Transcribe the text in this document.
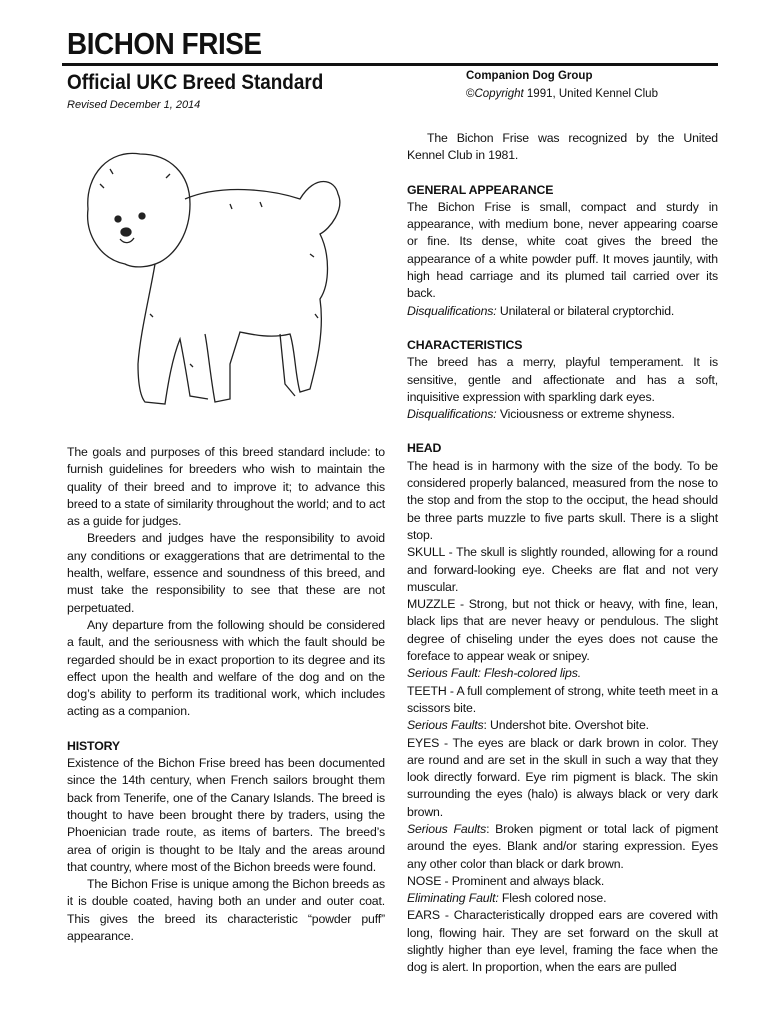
BICHON FRISE
Official UKC Breed Standard
Revised December 1, 2014
Companion Dog Group
©Copyright 1991, United Kennel Club

The goals and purposes of this breed standard include: to furnish guidelines for breeders who wish to maintain the quality of their breed and to improve it; to advance this breed to a state of similarity throughout the world; and to act as a guide for judges.

Breeders and judges have the responsibility to avoid any conditions or exaggerations that are detrimental to the health, welfare, essence and soundness of this breed, and must take the responsibility to see that these are not perpetuated.

Any departure from the following should be considered a fault, and the seriousness with which the fault should be regarded should be in exact proportion to its degree and its effect upon the health and welfare of the dog and on the dog’s ability to perform its traditional work, which includes acting as a companion.

HISTORY

Existence of the Bichon Frise breed has been documented since the 14th century, when French sailors brought them back from Tenerife, one of the Canary Islands. The breed is thought to have been brought there by traders, using the Phoenician trade route, as items of barters. The breed’s area of origin is thought to be Italy and the areas around that country, where most of the Bichon breeds were found.

The Bichon Frise is unique among the Bichon breeds as it is double coated, having both an under and outer coat. This gives the breed its characteristic “powder puff” appearance.

The Bichon Frise was recognized by the United Kennel Club in 1981.

GENERAL APPEARANCE

The Bichon Frise is small, compact and sturdy in appearance, with medium bone, never appearing coarse or fine. Its dense, white coat gives the breed the appearance of a white powder puff. It moves jauntily, with high head carriage and its plumed tail carried over its back.

Disqualifications: Unilateral or bilateral cryptorchid.

CHARACTERISTICS

The breed has a merry, playful temperament. It is sensitive, gentle and affectionate and has a soft, inquisitive expression with sparkling dark eyes.

Disqualifications: Viciousness or extreme shyness.

HEAD

The head is in harmony with the size of the body. To be considered properly balanced, measured from the nose to the stop and from the stop to the occiput, the head should be three parts muzzle to five parts skull. There is a slight stop.

SKULL - The skull is slightly rounded, allowing for a round and forward-looking eye. Cheeks are flat and not very muscular.

MUZZLE - Strong, but not thick or heavy, with fine, lean, black lips that are never heavy or pendulous. The slight degree of chiseling under the eyes does not cause the foreface to appear weak or snipey.

Serious Fault: Flesh-colored lips.

TEETH - A full complement of strong, white teeth meet in a scissors bite.

Serious Faults: Undershot bite. Overshot bite.

EYES - The eyes are black or dark brown in color. They are round and are set in the skull in such a way that they look directly forward. Eye rim pigment is black. The skin surrounding the eyes (halo) is always black or very dark brown.

Serious Faults: Broken pigment or total lack of pigment around the eyes. Blank and/or staring expression. Eyes any other color than black or dark brown.

NOSE - Prominent and always black.

Eliminating Fault: Flesh colored nose.

EARS - Characteristically dropped ears are covered with long, flowing hair. They are set forward on the skull at slightly higher than eye level, framing the face when the dog is alert. In proportion, when the ears are pulled
